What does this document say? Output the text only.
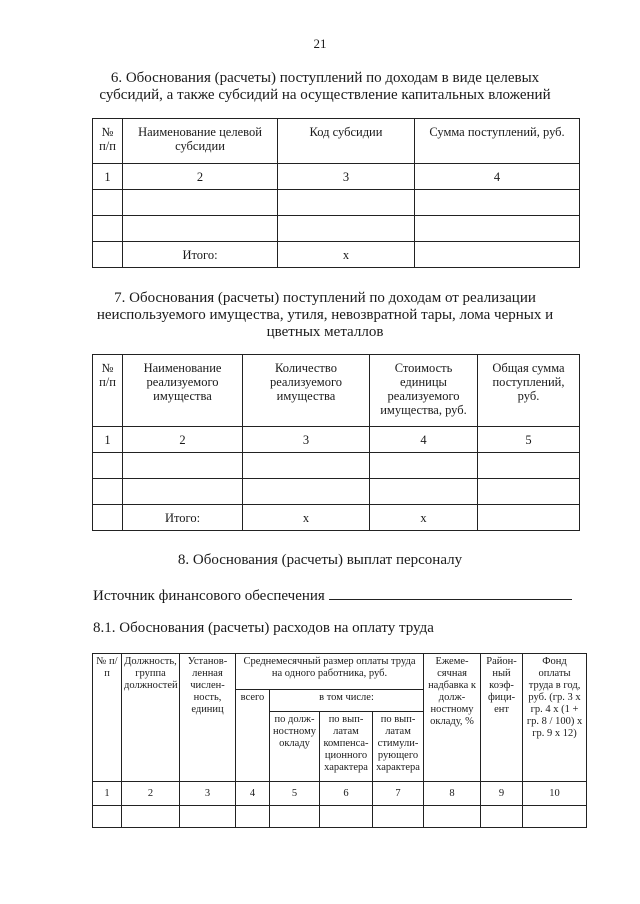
21
6. Обоснования (расчеты) поступлений по доходам в виде целевых
субсидий, а также субсидий на осуществление капитальных вложений
№ п/п	Наименование целевой субсидии	Код субсидии	Сумма поступлений, руб.
1	2	3	4

	Итого:	x	
7. Обоснования (расчеты) поступлений по доходам от реализации
неиспользуемого имущества, утиля, невозвратной тары, лома черных и
цветных металлов
№ п/п	Наименование реализуемого имущества	Количество реализуемого имущества	Стоимость единицы реализуемого имущества, руб.	Общая сумма поступлений, руб.
1	2	3	4	5

	Итого:	x	x	
8. Обоснования (расчеты) выплат персоналу
Источник финансового обеспечения
8.1. Обоснования (расчеты) расходов на оплату труда
№ п/п	Должность, группа должностей	Установ-ленная числен-ность, единиц	Среднемесячный размер оплаты труда на одного работника, руб.				Ежеме-сячная надбавка к долж-ностному окладу, %	Район-ный коэф-фици-ент	Фонд оплаты труда в год, руб. (гр. 3 х гр. 4 х (1 + гр. 8 / 100) х гр. 9 х 12)
			всего	в том числе:					
				по долж-ностному окладу	по вып-латам компенса-ционного характера	по вып-латам стимули-рующего характера			
1	2	3	4	5	6	7	8	9	10
